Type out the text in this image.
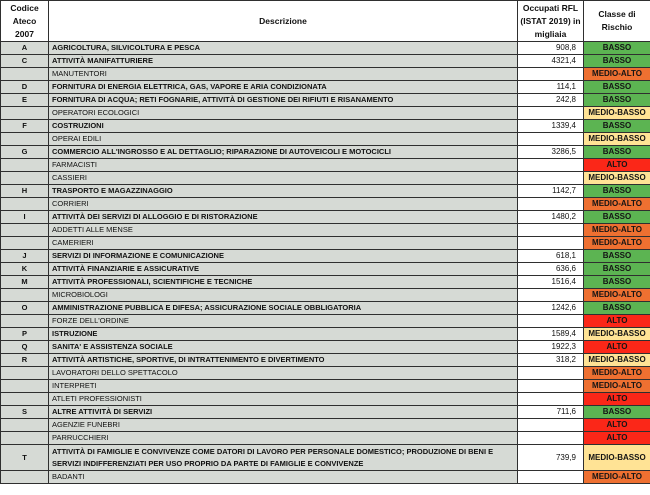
Codice Ateco 2007	Descrizione	Occupati RFL (ISTAT 2019) in migliaia	Classe di Rischio
A	AGRICOLTURA, SILVICOLTURA E PESCA	908,8	BASSO
C	ATTIVITÀ MANIFATTURIERE	4321,4	BASSO
	MANUTENTORI		MEDIO-ALTO
D	FORNITURA DI ENERGIA ELETTRICA, GAS, VAPORE E ARIA CONDIZIONATA	114,1	BASSO
E	FORNITURA DI ACQUA; RETI FOGNARIE, ATTIVITÀ DI GESTIONE DEI RIFIUTI E RISANAMENTO	242,8	BASSO
	OPERATORI ECOLOGICI		MEDIO-BASSO
F	COSTRUZIONI	1339,4	BASSO
	OPERAI EDILI		MEDIO-BASSO
G	COMMERCIO ALL'INGROSSO E AL DETTAGLIO; RIPARAZIONE DI AUTOVEICOLI E MOTOCICLI	3286,5	BASSO
	FARMACISTI		ALTO
	CASSIERI		MEDIO-BASSO
H	TRASPORTO E MAGAZZINAGGIO	1142,7	BASSO
	CORRIERI		MEDIO-ALTO
I	ATTIVITÀ DEI SERVIZI DI ALLOGGIO E DI RISTORAZIONE	1480,2	BASSO
	ADDETTI ALLE MENSE		MEDIO-ALTO
	CAMERIERI		MEDIO-ALTO
J	SERVIZI DI INFORMAZIONE E COMUNICAZIONE	618,1	BASSO
K	ATTIVITÀ FINANZIARIE E ASSICURATIVE	636,6	BASSO
M	ATTIVITÀ PROFESSIONALI, SCIENTIFICHE E TECNICHE	1516,4	BASSO
	MICROBIOLOGI		MEDIO-ALTO
O	AMMINISTRAZIONE PUBBLICA E DIFESA; ASSICURAZIONE SOCIALE OBBLIGATORIA	1242,6	BASSO
	FORZE DELL'ORDINE		ALTO
P	ISTRUZIONE	1589,4	MEDIO-BASSO
Q	SANITA' E ASSISTENZA SOCIALE	1922,3	ALTO
R	ATTIVITÀ ARTISTICHE, SPORTIVE, DI INTRATTENIMENTO E DIVERTIMENTO	318,2	MEDIO-BASSO
	LAVORATORI DELLO SPETTACOLO		MEDIO-ALTO
	INTERPRETI		MEDIO-ALTO
	ATLETI PROFESSIONISTI		ALTO
S	ALTRE ATTIVITÀ DI SERVIZI	711,6	BASSO
	AGENZIE FUNEBRI		ALTO
	PARRUCCHIERI		ALTO
T	ATTIVITÀ DI FAMIGLIE E CONVIVENZE COME DATORI DI LAVORO PER PERSONALE DOMESTICO; PRODUZIONE DI BENI E SERVIZI INDIFFERENZIATI PER USO PROPRIO DA PARTE DI FAMIGLIE E CONVIVENZE	739,9	MEDIO-BASSO
	BADANTI		MEDIO-ALTO
